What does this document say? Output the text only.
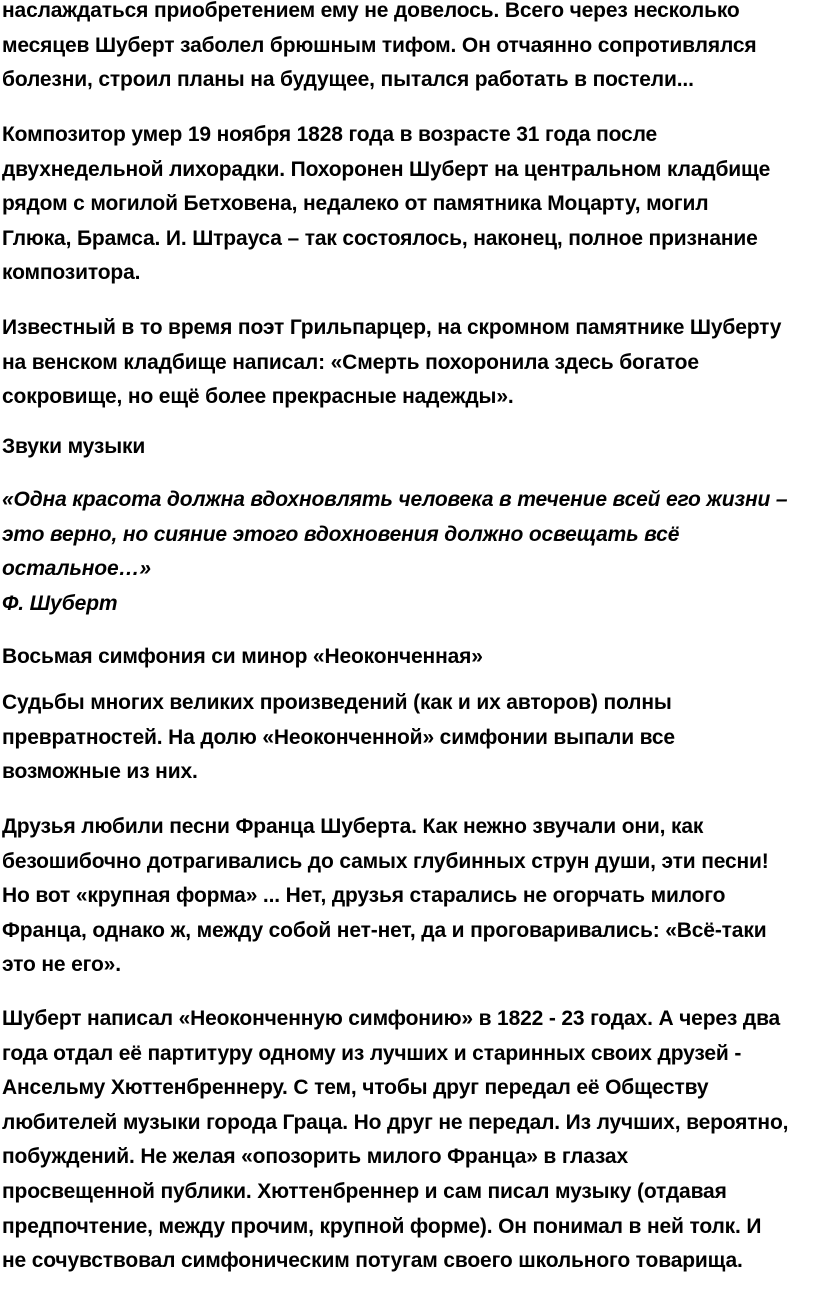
наслаждаться приобретением ему не довелось. Всего через несколько
месяцев Шуберт заболел брюшным тифом. Он отчаянно сопротивлялся
болезни, строил планы на будущее, пытался работать в постели...

Композитор умер 19 ноября 1828 года в возрасте 31 года после
двухнедельной лихорадки. Похоронен Шуберт на центральном кладбище
рядом с могилой Бетховена, недалеко от памятника Моцарту, могил
Глюка, Брамса. И. Штрауса – так состоялось, наконец, полное признание
композитора.

Известный в то время поэт Грильпарцер, на скромном памятнике Шуберту
на венском кладбище написал: «Смерть похоронила здесь богатое
сокровище, но ещё более прекрасные надежды».

Звуки музыки

«Одна красота должна вдохновлять человека в течение всей его жизни –
это верно, но сияние этого вдохновения должно освещать всё
остальное…»
Ф. Шуберт

Восьмая симфония си минор «Неоконченная»

Судьбы многих великих произведений (как и их авторов) полны
превратностей. На долю «Неоконченной» симфонии выпали все
возможные из них.

Друзья любили песни Франца Шуберта. Как нежно звучали они, как
безошибочно дотрагивались до самых глубинных струн души, эти песни!
Но вот «крупная форма» ... Нет, друзья старались не огорчать милого
Франца, однако ж, между собой нет-нет, да и проговаривались: «Всё-таки
это не его».

Шуберт написал «Неоконченную симфонию» в 1822 - 23 годах. А через два
года отдал её партитуру одному из лучших и старинных своих друзей -
Ансельму Хюттенбреннеру. С тем, чтобы друг передал её Обществу
любителей музыки города Граца. Но друг не передал. Из лучших, вероятно,
побуждений. Не желая «опозорить милого Франца» в глазах
просвещенной публики. Хюттенбреннер и сам писал музыку (отдавая
предпочтение, между прочим, крупной форме). Он понимал в ней толк. И
не сочувствовал симфоническим потугам своего школьного товарища.
